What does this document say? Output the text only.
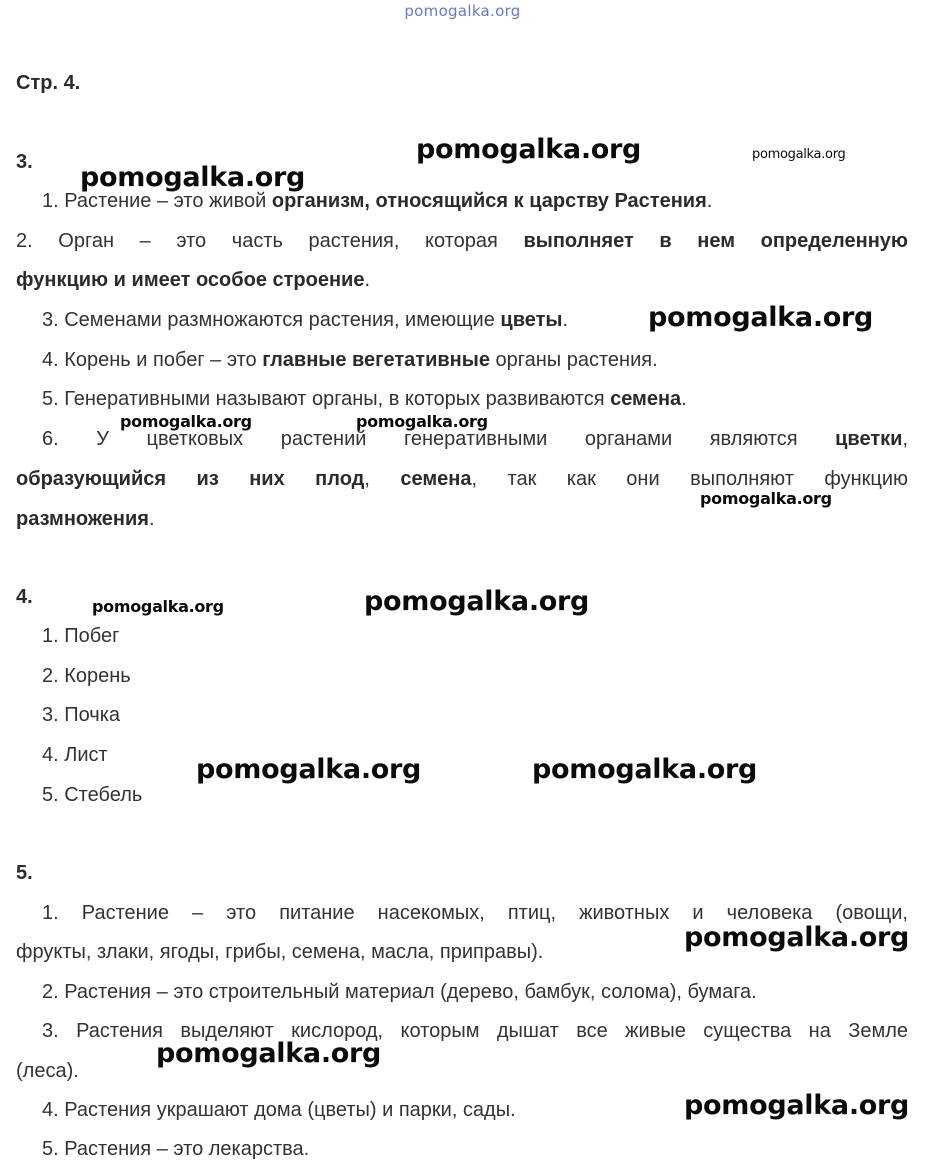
pomogalka.org
Стр. 4.
3.
1. Растение – это живой организм, относящийся к царству Растения.
2. Орган – это часть растения, которая выполняет в нем определенную
функцию и имеет особое строение.
3. Семенами размножаются растения, имеющие цветы.
4. Корень и побег – это главные вегетативные органы растения.
5. Генеративными называют органы, в которых развиваются семена.
6. У цветковых растений генеративными органами являются цветки,
образующийся из них плод, семена, так как они выполняют функцию
размножения.
4.
1. Побег
2. Корень
3. Почка
4. Лист
5. Стебель
5.
1. Растение – это питание насекомых, птиц, животных и человека (овощи,
фрукты, злаки, ягоды, грибы, семена, масла, приправы).
2. Растения – это строительный материал (дерево, бамбук, солома), бумага.
3. Растения выделяют кислород, которым дышат все живые существа на Земле
(леса).
4. Растения украшают дома (цветы) и парки, сады.
5. Растения – это лекарства.
pomogalka.org	pomogalka.org
pomogalka.org
pomogalka.org
pomogalka.org	pomogalka.org
pomogalka.org
pomogalka.org	pomogalka.org
pomogalka.org	pomogalka.org
pomogalka.org
pomogalka.org
pomogalka.org
